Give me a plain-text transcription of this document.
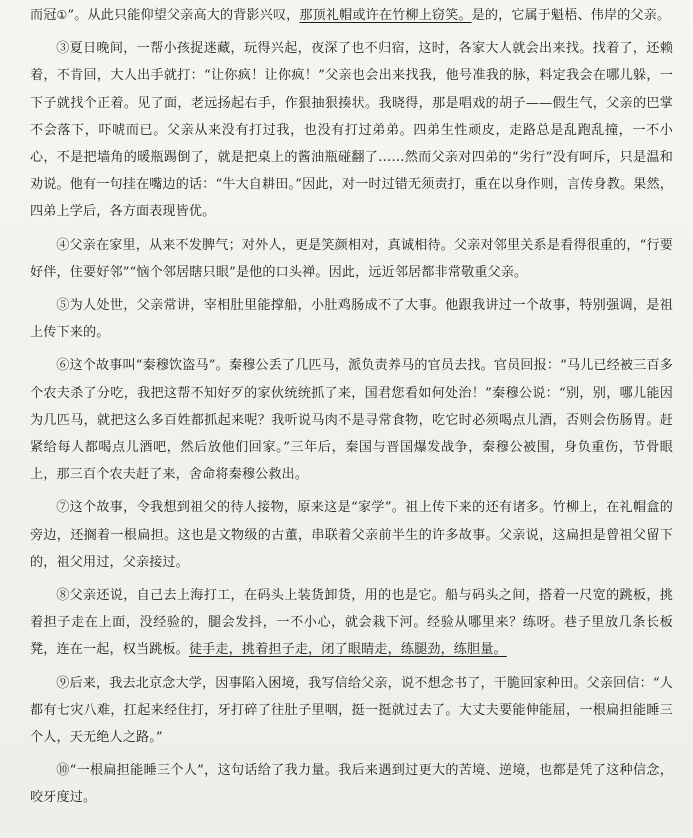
而冠①”。从此只能仰望父亲高大的背影兴叹，那顶礼帽或许在竹柳上窃笑。是的，它属于魁梧、伟岸的父亲。

③夏日晚间，一帮小孩捉迷藏，玩得兴起，夜深了也不归宿，这时，各家大人就会出来找。找着了，还赖着，不肯回，大人出手就打：“让你疯！让你疯！”父亲也会出来找我，他号准我的脉，料定我会在哪儿躲，一下子就找个正着。见了面，老远扬起右手，作狠抽狠揍状。我晓得，那是唱戏的胡子——假生气，父亲的巴掌不会落下，吓唬而已。父亲从来没有打过我，也没有打过弟弟。四弟生性顽皮，走路总是乱跑乱撞，一不小心，不是把墙角的暖瓶踢倒了，就是把桌上的酱油瓶碰翻了……然而父亲对四弟的“劣行”没有呵斥，只是温和劝说。他有一句挂在嘴边的话：“牛大自耕田。”因此，对一时过错无须责打，重在以身作则，言传身教。果然，四弟上学后，各方面表现皆优。

④父亲在家里，从来不发脾气；对外人，更是笑颜相对，真诚相待。父亲对邻里关系是看得很重的，“行要好伴，住要好邻”“恼个邻居瞎只眼”是他的口头禅。因此，远近邻居都非常敬重父亲。

⑤为人处世，父亲常讲，宰相肚里能撑船，小肚鸡肠成不了大事。他跟我讲过一个故事，特别强调，是祖上传下来的。

⑥这个故事叫“秦穆饮盗马”。秦穆公丢了几匹马，派负责养马的官员去找。官员回报：“马儿已经被三百多个农夫杀了分吃，我把这帮不知好歹的家伙统统抓了来，国君您看如何处治！”秦穆公说：“别，别，哪儿能因为几匹马，就把这么多百姓都抓起来呢？我听说马肉不是寻常食物，吃它时必须喝点儿酒，否则会伤肠胃。赶紧给每人都喝点儿酒吧，然后放他们回家。”三年后，秦国与晋国爆发战争，秦穆公被围，身负重伤，节骨眼上，那三百个农夫赶了来，舍命将秦穆公救出。

⑦这个故事，令我想到祖父的待人接物，原来这是“家学”。祖上传下来的还有诸多。竹柳上，在礼帽盒的旁边，还搁着一根扁担。这也是文物级的古董，串联着父亲前半生的许多故事。父亲说，这扁担是曾祖父留下的，祖父用过，父亲接过。

⑧父亲还说，自己去上海打工，在码头上装货卸货，用的也是它。船与码头之间，搭着一尺宽的跳板，挑着担子走在上面，没经验的，腿会发抖，一不小心，就会栽下河。经验从哪里来？练呀。巷子里放几条长板凳，连在一起，权当跳板。徒手走，挑着担子走，闭了眼睛走，练腿劲，练胆量。

⑨后来，我去北京念大学，因事陷入困境，我写信给父亲，说不想念书了，干脆回家种田。父亲回信：“人都有七灾八难，扛起来经住打，牙打碎了往肚子里咽，挺一挺就过去了。大丈夫要能伸能屈，一根扁担能睡三个人，天无绝人之路。”

⑩“一根扁担能睡三个人”，这句话给了我力量。我后来遇到过更大的苦境、逆境，也都是凭了这种信念，咬牙度过。
